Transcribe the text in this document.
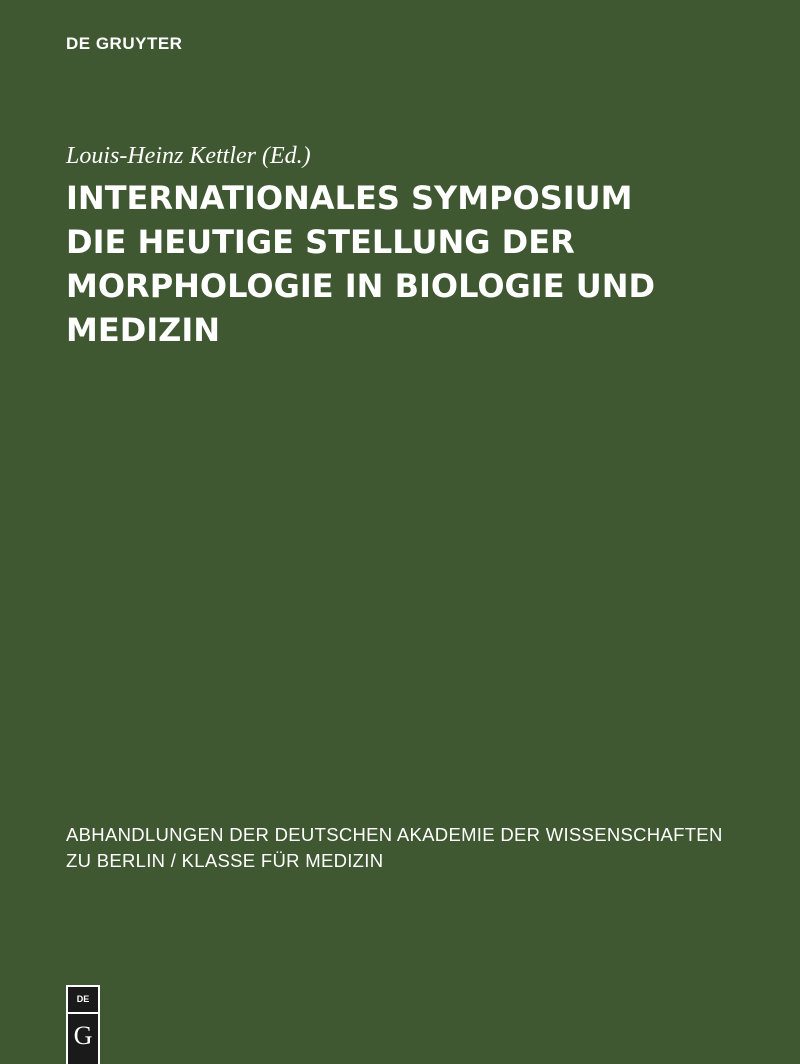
DE GRUYTER
Louis-Heinz Kettler (Ed.)
INTERNATIONALES SYMPOSIUM
DIE HEUTIGE STELLUNG DER
MORPHOLOGIE IN BIOLOGIE UND
MEDIZIN
ABHANDLUNGEN DER DEUTSCHEN AKADEMIE DER WISSENSCHAFTEN
ZU BERLIN / KLASSE FÜR MEDIZIN
DE
G
